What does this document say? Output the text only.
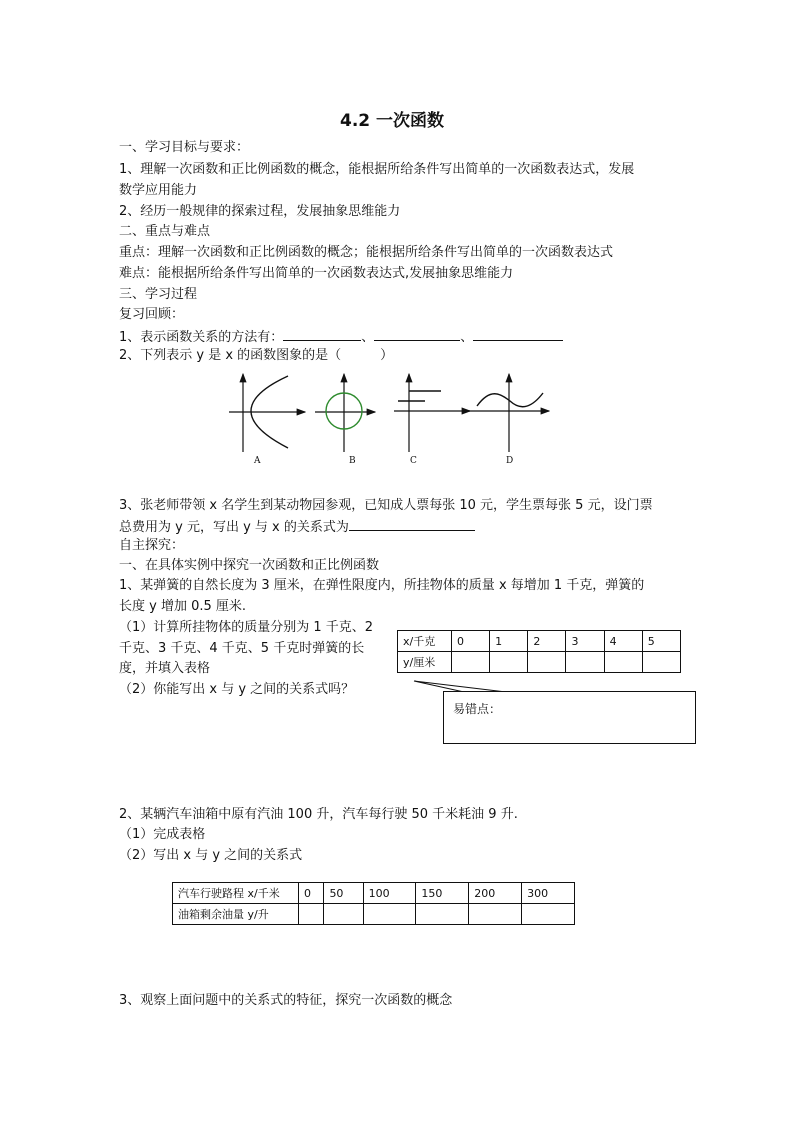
4.2 一次函数
一、学习目标与要求：
1、理解一次函数和正比例函数的概念，能根据所给条件写出简单的一次函数表达式，发展
数学应用能力
2、经历一般规律的探索过程，发展抽象思维能力
二、重点与难点
重点：理解一次函数和正比例函数的概念；能根据所给条件写出简单的一次函数表达式
难点：能根据所给条件写出简单的一次函数表达式,发展抽象思维能力
三、学习过程
复习回顾：
1、表示函数关系的方法有：	、	、
2、下列表示 y 是 x 的函数图象的是（　　　）
A	B	C	D
3、张老师带领 x 名学生到某动物园参观，已知成人票每张 10 元，学生票每张 5 元，设门票
总费用为 y 元，写出 y 与 x 的关系式为
自主探究：
一、在具体实例中探究一次函数和正比例函数
1、某弹簧的自然长度为 3 厘米，在弹性限度内，所挂物体的质量 x 每增加 1 千克，弹簧的
长度 y 增加 0.5 厘米.
（1）计算所挂物体的质量分别为 1 千克、2
千克、3 千克、4 千克、5 千克时弹簧的长
度，并填入表格
（2）你能写出 x 与 y 之间的关系式吗？
x/千克	0	1	2	3	4	5
y/厘米						
易错点：
2、某辆汽车油箱中原有汽油 100 升，汽车每行驶 50 千米耗油 9 升.
（1）完成表格
（2）写出 x 与 y 之间的关系式
汽车行驶路程 x/千米	0	50	100	150	200	300
油箱剩余油量 y/升						
3、观察上面问题中的关系式的特征，探究一次函数的概念
